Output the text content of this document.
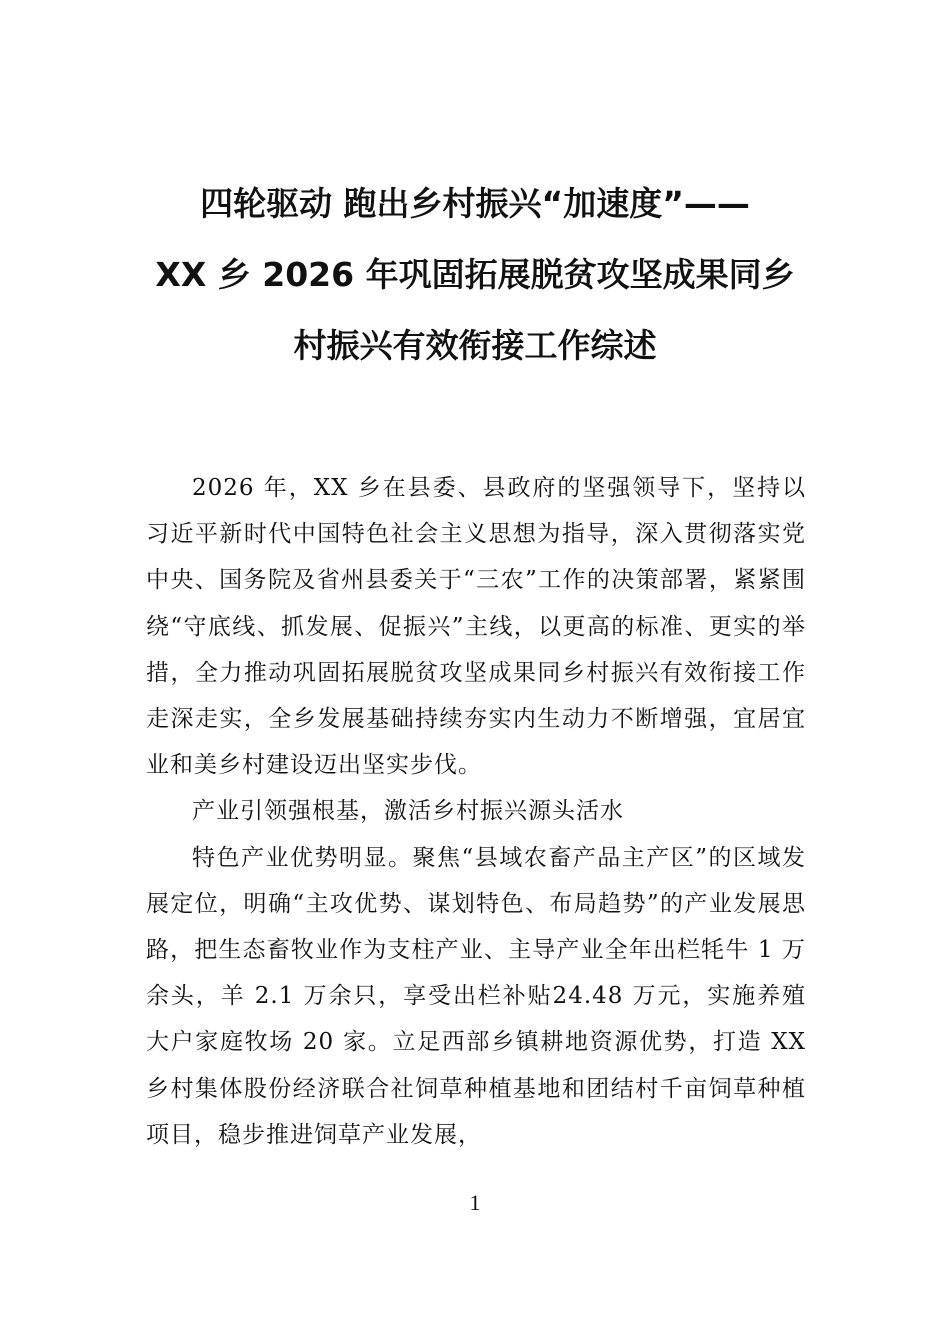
四轮驱动 跑出乡村振兴“加速度”——
XX 乡 2026 年巩固拓展脱贫攻坚成果同乡
村振兴有效衔接工作综述

2026 年，XX 乡在县委、县政府的坚强领导下，坚持以习近平新时代中国特色社会主义思想为指导，深入贯彻落实党中央、国务院及省州县委关于“三农”工作的决策部署，紧紧围绕“守底线、抓发展、促振兴”主线，以更高的标准、更实的举措，全力推动巩固拓展脱贫攻坚成果同乡村振兴有效衔接工作走深走实，全乡发展基础持续夯实内生动力不断增强，宜居宜业和美乡村建设迈出坚实步伐。

产业引领强根基，激活乡村振兴源头活水

特色产业优势明显。聚焦“县域农畜产品主产区”的区域发展定位，明确“主攻优势、谋划特色、布局趋势”的产业发展思路，把生态畜牧业作为支柱产业、主导产业全年出栏牦牛 1 万余头，羊 2.1 万余只，享受出栏补贴24.48 万元，实施养殖大户家庭牧场 20 家。立足西部乡镇耕地资源优势，打造 XX 乡村集体股份经济联合社饲草种植基地和团结村千亩饲草种植项目，稳步推进饲草产业发展，

1
